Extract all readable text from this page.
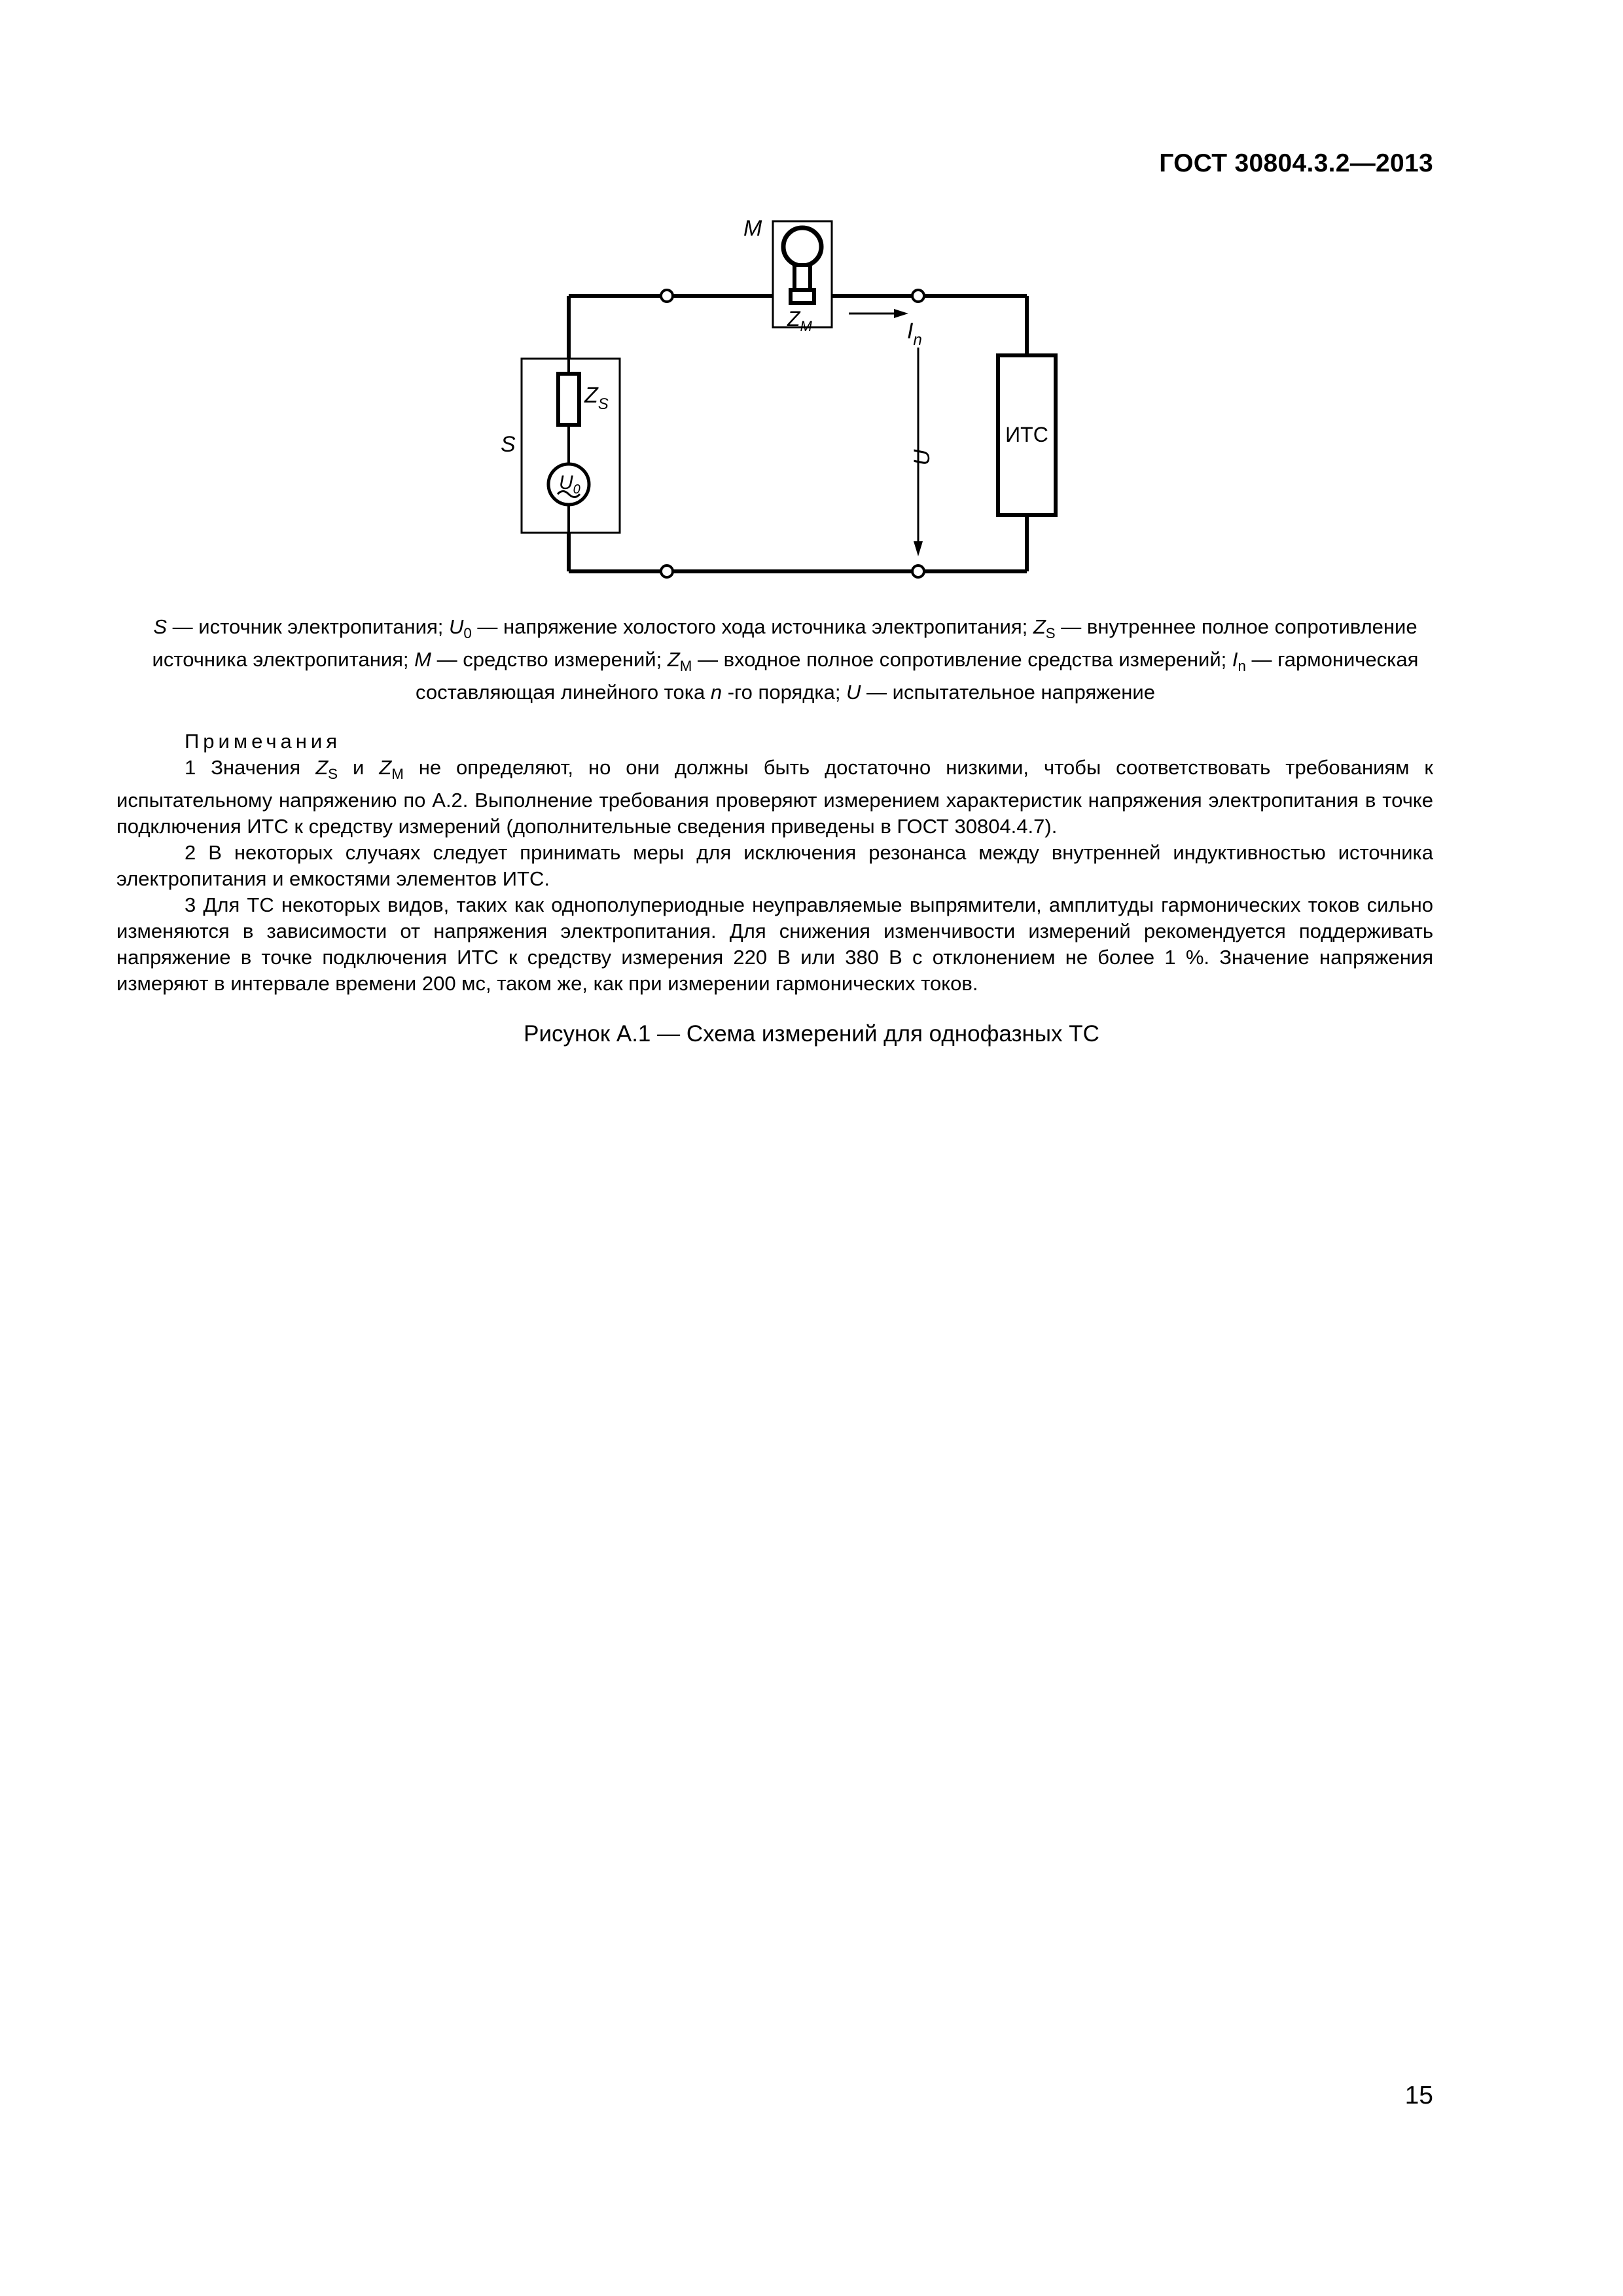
ГОСТ 30804.3.2—2013
M
$Z_M$	$I_n$
$Z_S$
S
$U_0$
U
ИТС
S — источник электропитания; $U_0$ — напряжение холостого хода источника электропитания; $Z_S$ — внутреннее полное сопротивление источника электропитания; M — средство измерений; $Z_M$ — входное полное сопротивление средства измерений; $I_n$ — гармоническая составляющая линейного тока n -го порядка; U — испытательное напряжение
Примечания

1 Значения $Z_S$ и $Z_M$ не определяют, но они должны быть достаточно низкими, чтобы соответствовать требованиям к испытательному напряжению по А.2. Выполнение требования проверяют измерением характеристик напряжения электропитания в точке подключения ИТС к средству измерений (дополнительные сведения приведены в ГОСТ 30804.4.7).

2 В некоторых случаях следует принимать меры для исключения резонанса между внутренней индуктивностью источника электропитания и емкостями элементов ИТС.

3 Для ТС некоторых видов, таких как однополупериодные неуправляемые выпрямители, амплитуды гармонических токов сильно изменяются в зависимости от напряжения электропитания. Для снижения изменчивости измерений рекомендуется поддерживать напряжение в точке подключения ИТС к средству измерения 220 В или 380 В с отклонением не более 1 %. Значение напряжения измеряют в интервале времени 200 мс, таком же, как при измерении гармонических токов.

Рисунок А.1 — Схема измерений для однофазных ТС
15
